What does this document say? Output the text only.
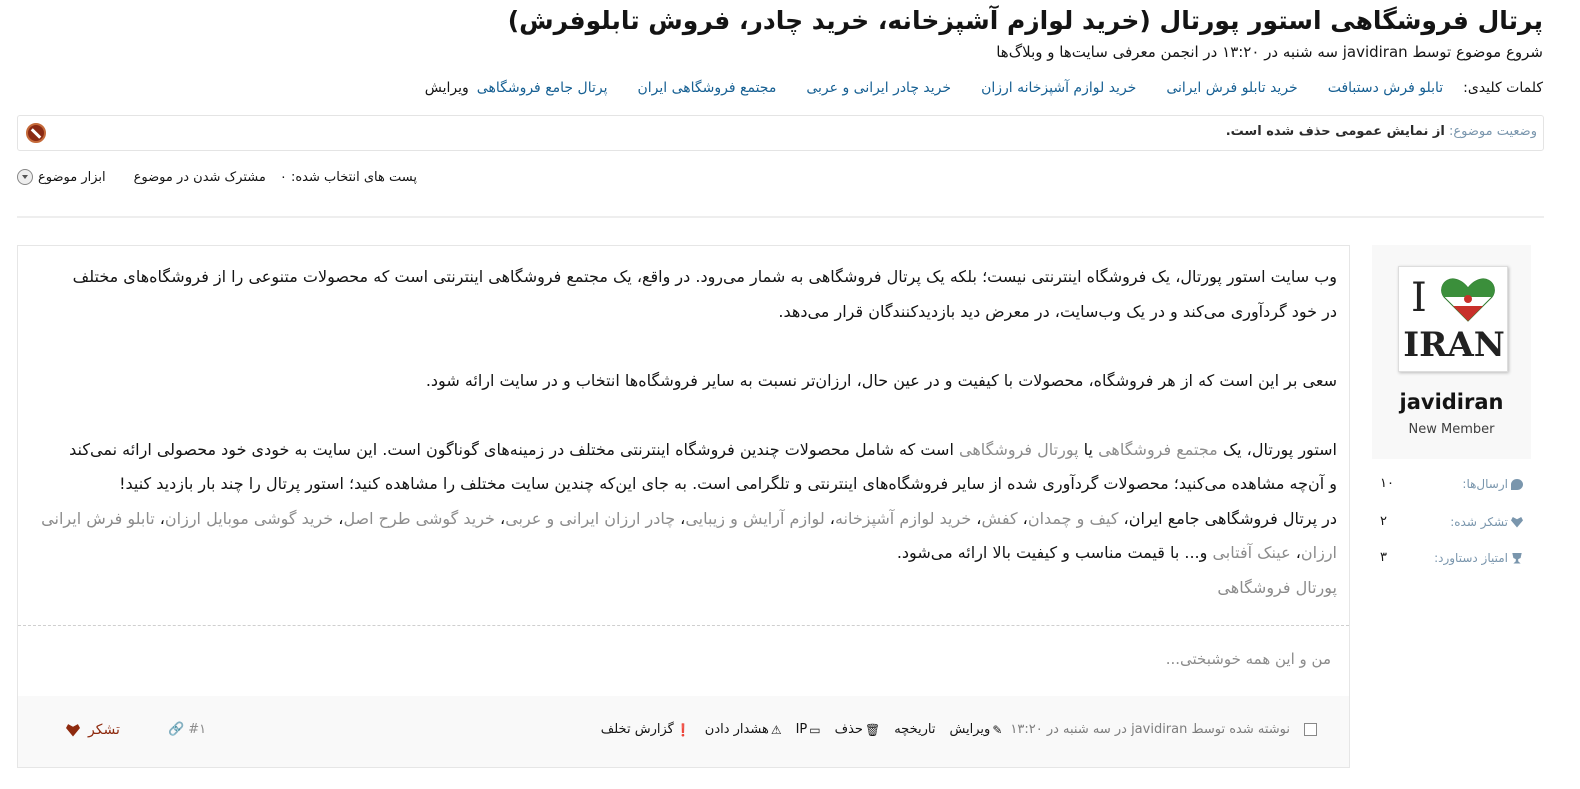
پرتال فروشگاهی استور پورتال (خرید لوازم آشپزخانه، خرید چادر، فروش تابلوفرش)
شروع موضوع توسط javidiran سه شنبه در ۱۳:۲۰ در انجمن معرفی سایت‌ها و وبلاگ‌ها
کلمات کلیدی:
تابلو فرش دستبافت
خرید تابلو فرش ایرانی
خرید لوازم آشپزخانه ارزان
خرید چادر ایرانی و عربی
مجتمع فروشگاهی ایران
پرتال جامع فروشگاهی
ویرایش
وضعیت موضوع: از نمایش عمومی حذف شده است.
ابزار موضوع مشترک شدن در موضوع پست های انتخاب شده: ۰
I
IRAN
javidiran
New Member
ارسال‌ها:
۱۰
تشکر شده:
۲
امتیاز دستاورد:
۳

وب سایت استور پورتال، یک فروشگاه اینترنتی نیست؛ بلکه یک پرتال فروشگاهی به شمار می‌رود. در واقع، یک مجتمع فروشگاهی اینترنتی است که محصولات متنوعی را از فروشگاه‌های مختلف

در خود گردآوری می‌کند و در یک وب‌سایت، در معرض دید بازدیدکنندگان قرار می‌دهد.

سعی بر این است که از هر فروشگاه، محصولات با کیفیت و در عین حال، ارزان‌تر نسبت به سایر فروشگاه‌ها انتخاب و در سایت ارائه شود.

استور پورتال، یک مجتمع فروشگاهی یا پورتال فروشگاهی است که شامل محصولات چندین فروشگاه اینترنتی مختلف در زمینه‌های گوناگون است. این سایت به خودی خود محصولی ارائه نمی‌کند

و آن‌چه مشاهده می‌کنید؛ محصولات گردآوری شده از سایر فروشگاه‌های اینترنتی و تلگرامی است. به جای این‌که چندین سایت مختلف را مشاهده کنید؛ استور پرتال را چند بار بازدید کنید!

در پرتال فروشگاهی جامع ایران، کیف و چمدان، کفش، خرید لوازم آشپزخانه، لوازم آرایش و زیبایی، چادر ارزان ایرانی و عربی، خرید گوشی طرح اصل، خرید گوشی موبایل ارزان، تابلو فرش ایرانی

ارزان، عینک آفتابی و... با قیمت مناسب و کیفیت بالا ارائه می‌شود.

پورتال فروشگاهی

من و این همه خوشبختی...
نوشته شده توسط javidiran در سه شنبه در ۱۳:۲۰
✎
ویرایش
تاریخچه
🗑
حذف
▭
IP
⚠
هشدار دادن
❗
گزارش تخلف
🔗 #۱
تشکر
